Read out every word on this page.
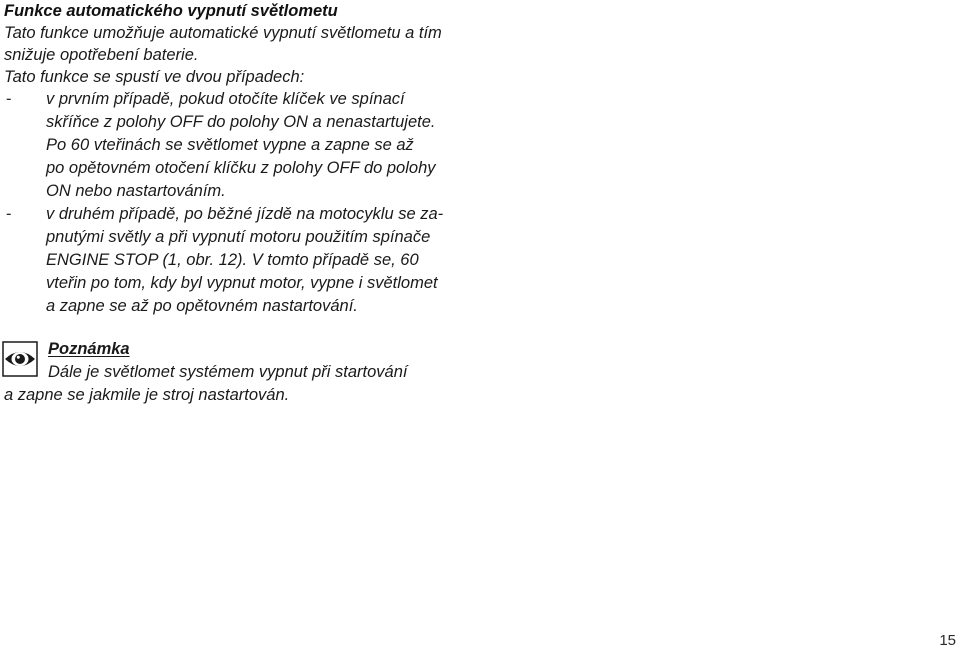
Funkce automatického vypnutí světlometu
Tato funkce umožňuje automatické vypnutí světlometu a tím
snižuje opotřebení baterie.
Tato funkce se spustí ve dvou případech:
- v prvním případě, pokud otočíte klíček ve spínací
skříňce z polohy OFF do polohy ON a nenastartujete.
Po 60 vteřinách se světlomet vypne a zapne se až
po opětovném otočení klíčku z polohy OFF do polohy
ON nebo nastartováním.
- v druhém případě, po běžné jízdě na motocyklu se za-
pnutými světly a při vypnutí motoru použitím spínače
ENGINE STOP (1, obr. 12). V tomto případě se, 60
vteřin po tom, kdy byl vypnut motor, vypne i světlomet
a zapne se až po opětovném nastartování.
Poznámka
Dále je světlomet systémem vypnut při startování
a zapne se jakmile je stroj nastartován.
15
